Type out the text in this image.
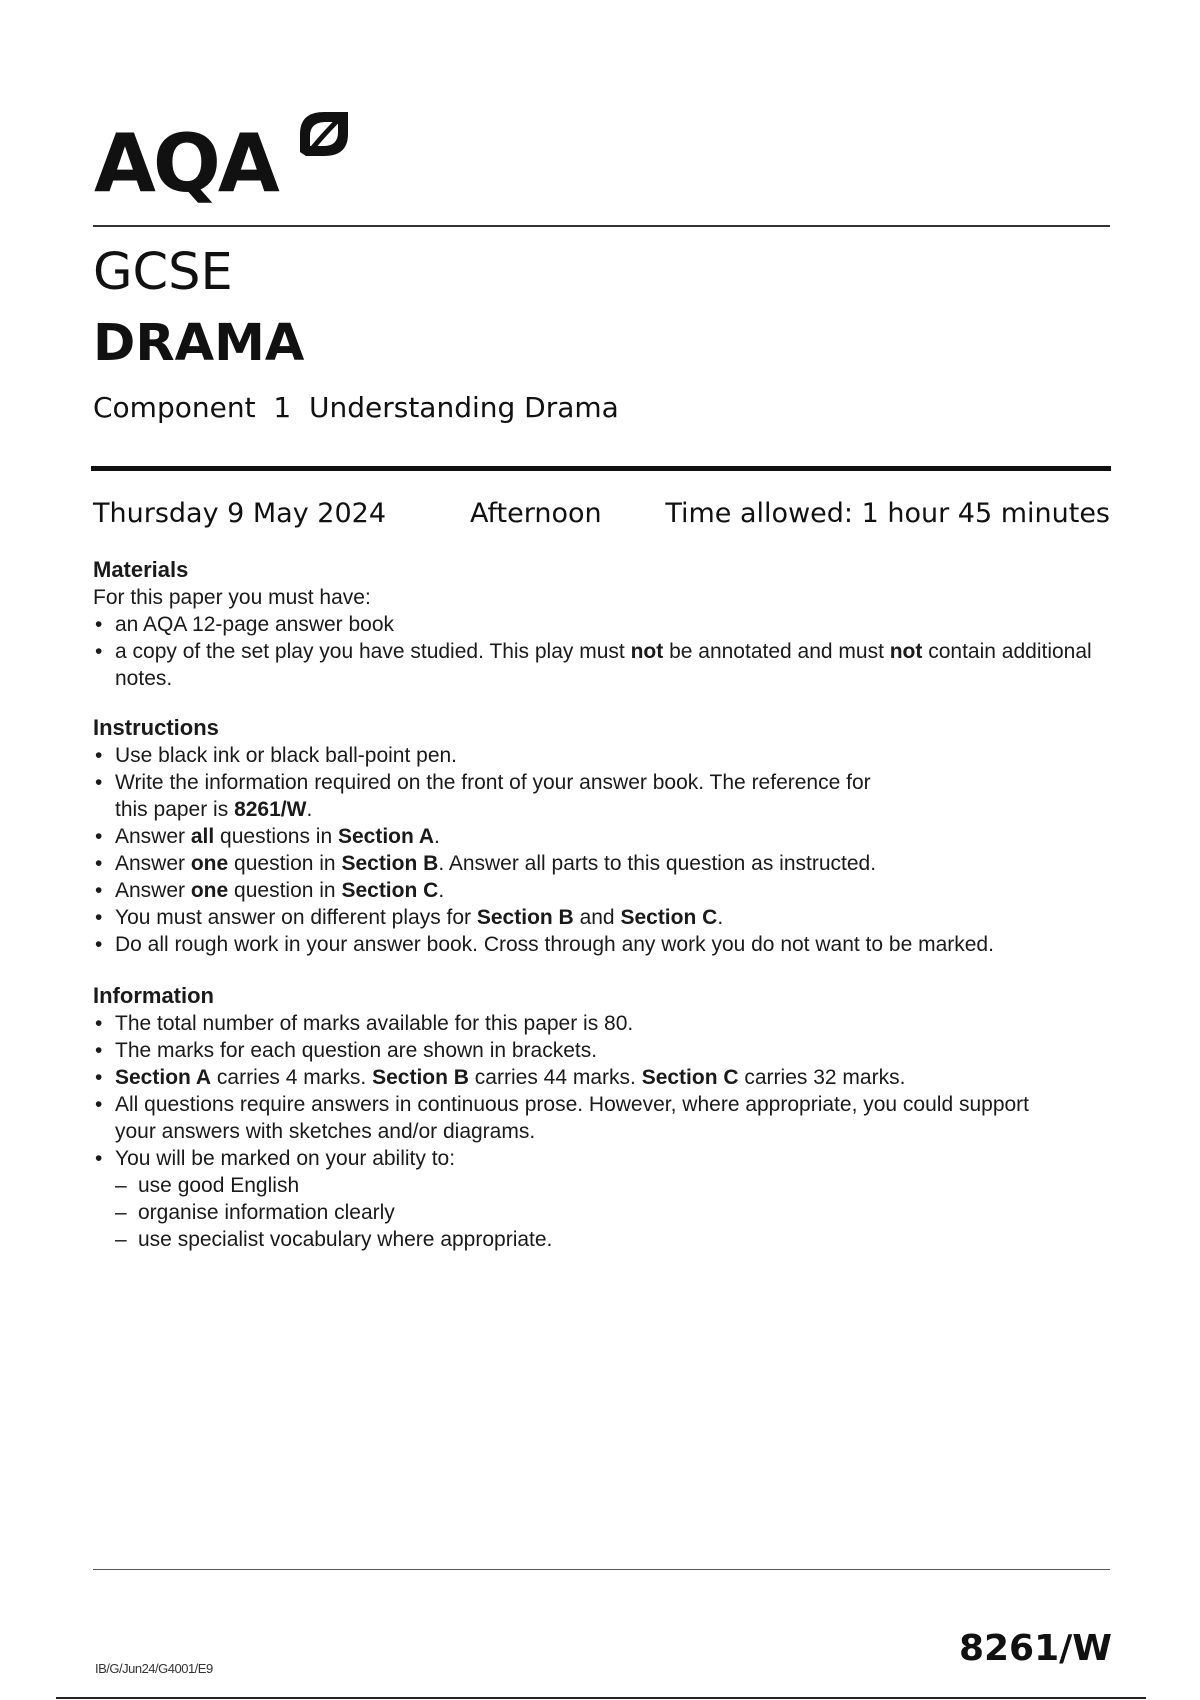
AQA
GCSE
DRAMA
Component  1  Understanding Drama
Thursday 9 May 2024	Afternoon Time allowed: 1 hour 45 minutes
Materials
For this paper you must have:
• an AQA 12-page answer book
• a copy of the set play you have studied. This play must not be annotated and must not contain additional notes.
Instructions
• Use black ink or black ball-point pen.
• Write the information required on the front of your answer book. The reference for this paper is 8261/W.
• Answer all questions in Section A.
• Answer one question in Section B. Answer all parts to this question as instructed.
• Answer one question in Section C.
• You must answer on different plays for Section B and Section C.
• Do all rough work in your answer book. Cross through any work you do not want to be marked.
Information
• The total number of marks available for this paper is 80.
• The marks for each question are shown in brackets.
• Section A carries 4 marks. Section B carries 44 marks. Section C carries 32 marks.
• All questions require answers in continuous prose. However, where appropriate, you could support your answers with sketches and/or diagrams.
• You will be marked on your ability to:
– use good English
– organise information clearly
– use specialist vocabulary where appropriate.
IB/G/Jun24/G4001/E9	8261/W
